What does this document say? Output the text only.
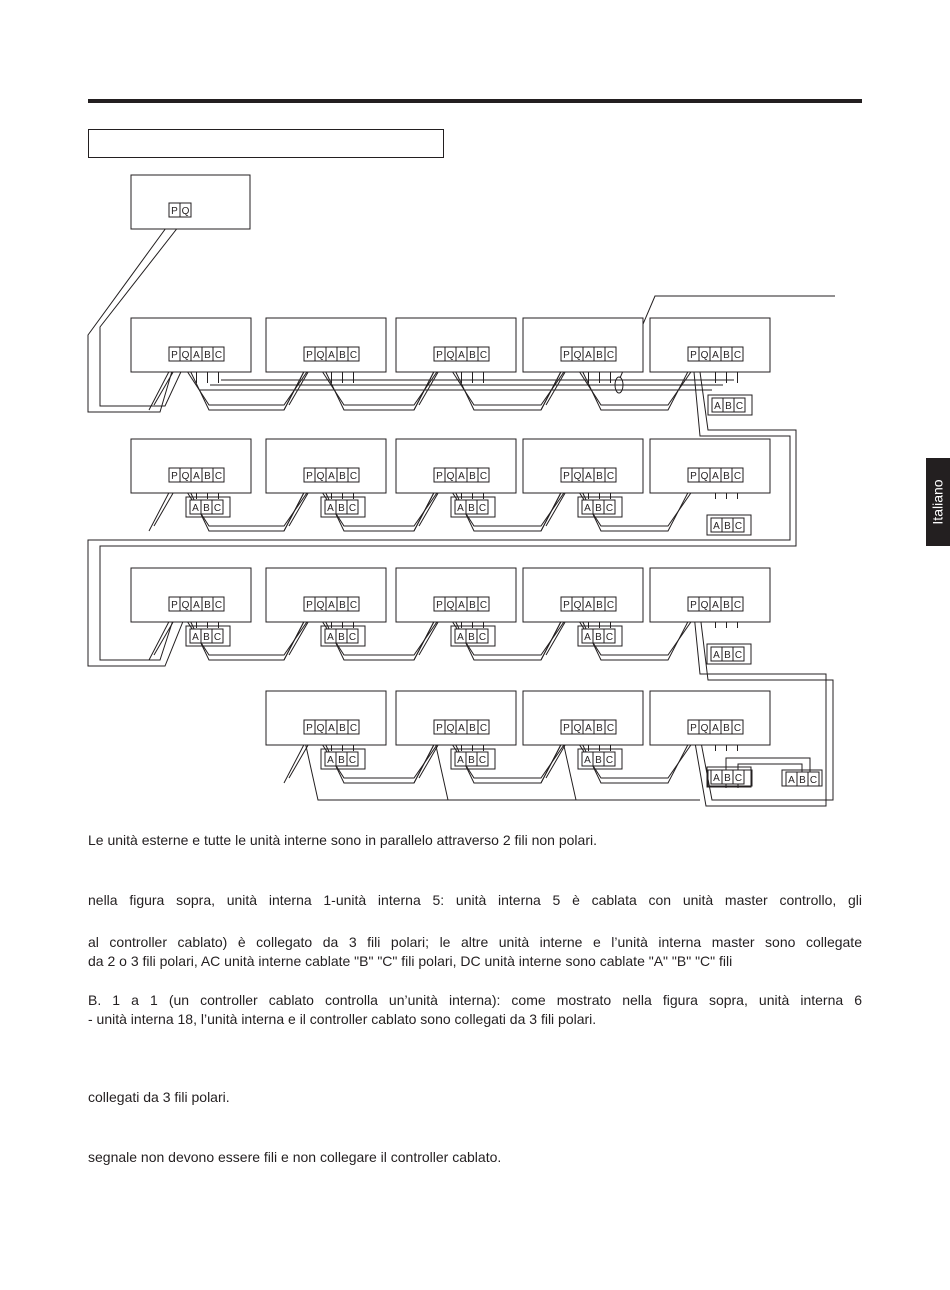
Italiano
P Q
P Q A B C	P Q A B C	P Q A B C	P Q A B C	P Q A B C
P Q A B C
A B C
P Q A B C
A B C
P Q A B C
A B C
P Q A B C
A B C
P Q A B C
A B C
P Q A B C
A B C
P Q A B C
A B C
P Q A B C
A B C
P Q A B C
A B C
P Q A B C
A B C
P Q A B C
A B C
P Q A B C
A B C
P Q A B C
A B C
P Q A B C
A B C
A B C
A B C

Le unità esterne e tutte le unità interne sono in parallelo attraverso 2 fili non polari.

nella figura sopra, unità interna 1-unità interna 5: unità interna 5 è cablata con unità master controllo, gli

al controller cablato) è collegato da 3 fili polari; le altre unità interne e l’unità interna master sono collegate

da 2 o 3 fili polari, AC unità interne cablate "B" "C" fili polari, DC unità interne sono cablate "A" "B" "C" fili

B. 1 a 1 (un controller cablato controlla un’unità interna): come mostrato nella figura sopra, unità interna 6

- unità interna 18, l’unità interna e il controller cablato sono collegati da 3 fili polari.

collegati da 3 fili polari.

segnale non devono essere fili e non collegare il controller cablato.
